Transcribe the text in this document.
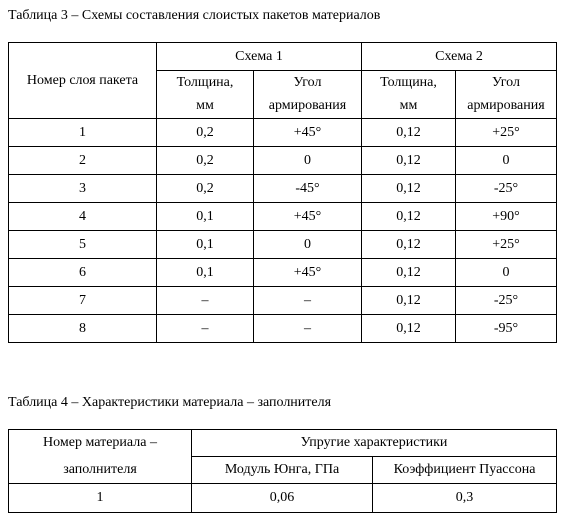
Таблица 3 – Схемы составления слоистых пакетов материалов
Номер слоя пакета	Схема 1		Схема 2	
	Толщина,	Угол	Толщина,	Угол
	мм	армирования	мм	армирования
1	0,2	+45°	0,12	+25°
2	0,2	0	0,12	0
3	0,2	-45°	0,12	-25°
4	0,1	+45°	0,12	+90°
5	0,1	0	0,12	+25°
6	0,1	+45°	0,12	0
7	–	–	0,12	-25°
8	–	–	0,12	-95°
Таблица 4 – Характеристики материала – заполнителя
Номер материала –	Упругие характеристики	
заполнителя	Модуль Юнга, ГПа	Коэффициент Пуассона
1	0,06	0,3
